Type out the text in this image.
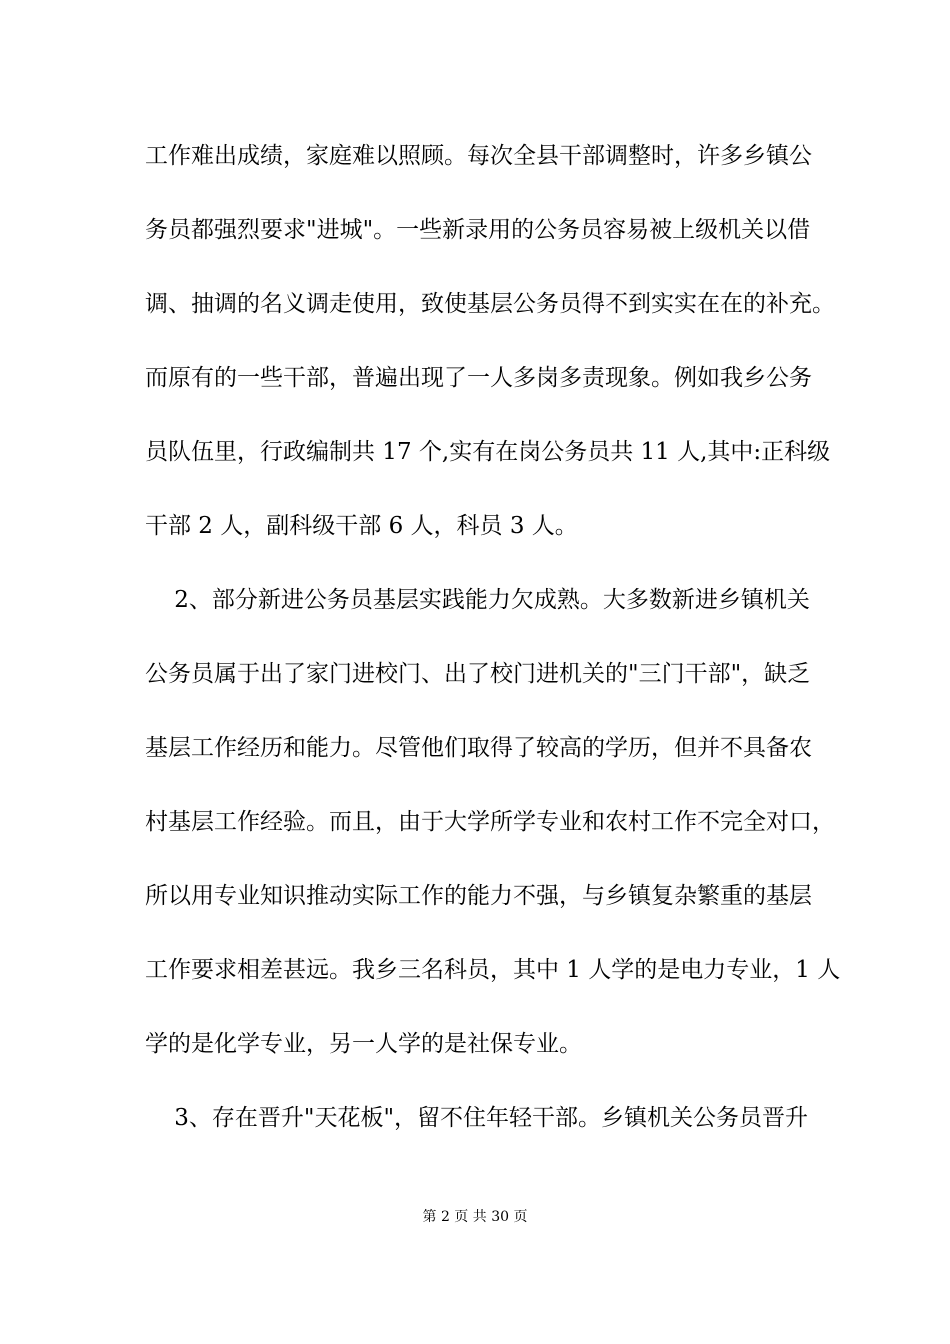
工作难出成绩，家庭难以照顾。每次全县干部调整时，许多乡镇公
务员都强烈要求"进城"。一些新录用的公务员容易被上级机关以借
调、抽调的名义调走使用，致使基层公务员得不到实实在在的补充。
而原有的一些干部，普遍出现了一人多岗多责现象。例如我乡公务
员队伍里，行政编制共 17 个,实有在岗公务员共 11 人,其中:正科级
干部 2 人，副科级干部 6 人，科员 3 人。
2、部分新进公务员基层实践能力欠成熟。大多数新进乡镇机关
公务员属于出了家门进校门、出了校门进机关的"三门干部"，缺乏
基层工作经历和能力。尽管他们取得了较高的学历，但并不具备农
村基层工作经验。而且，由于大学所学专业和农村工作不完全对口，
所以用专业知识推动实际工作的能力不强，与乡镇复杂繁重的基层
工作要求相差甚远。我乡三名科员，其中 1 人学的是电力专业，1 人
学的是化学专业，另一人学的是社保专业。
3、存在晋升"天花板"，留不住年轻干部。乡镇机关公务员晋升
第 2 页 共 30 页
